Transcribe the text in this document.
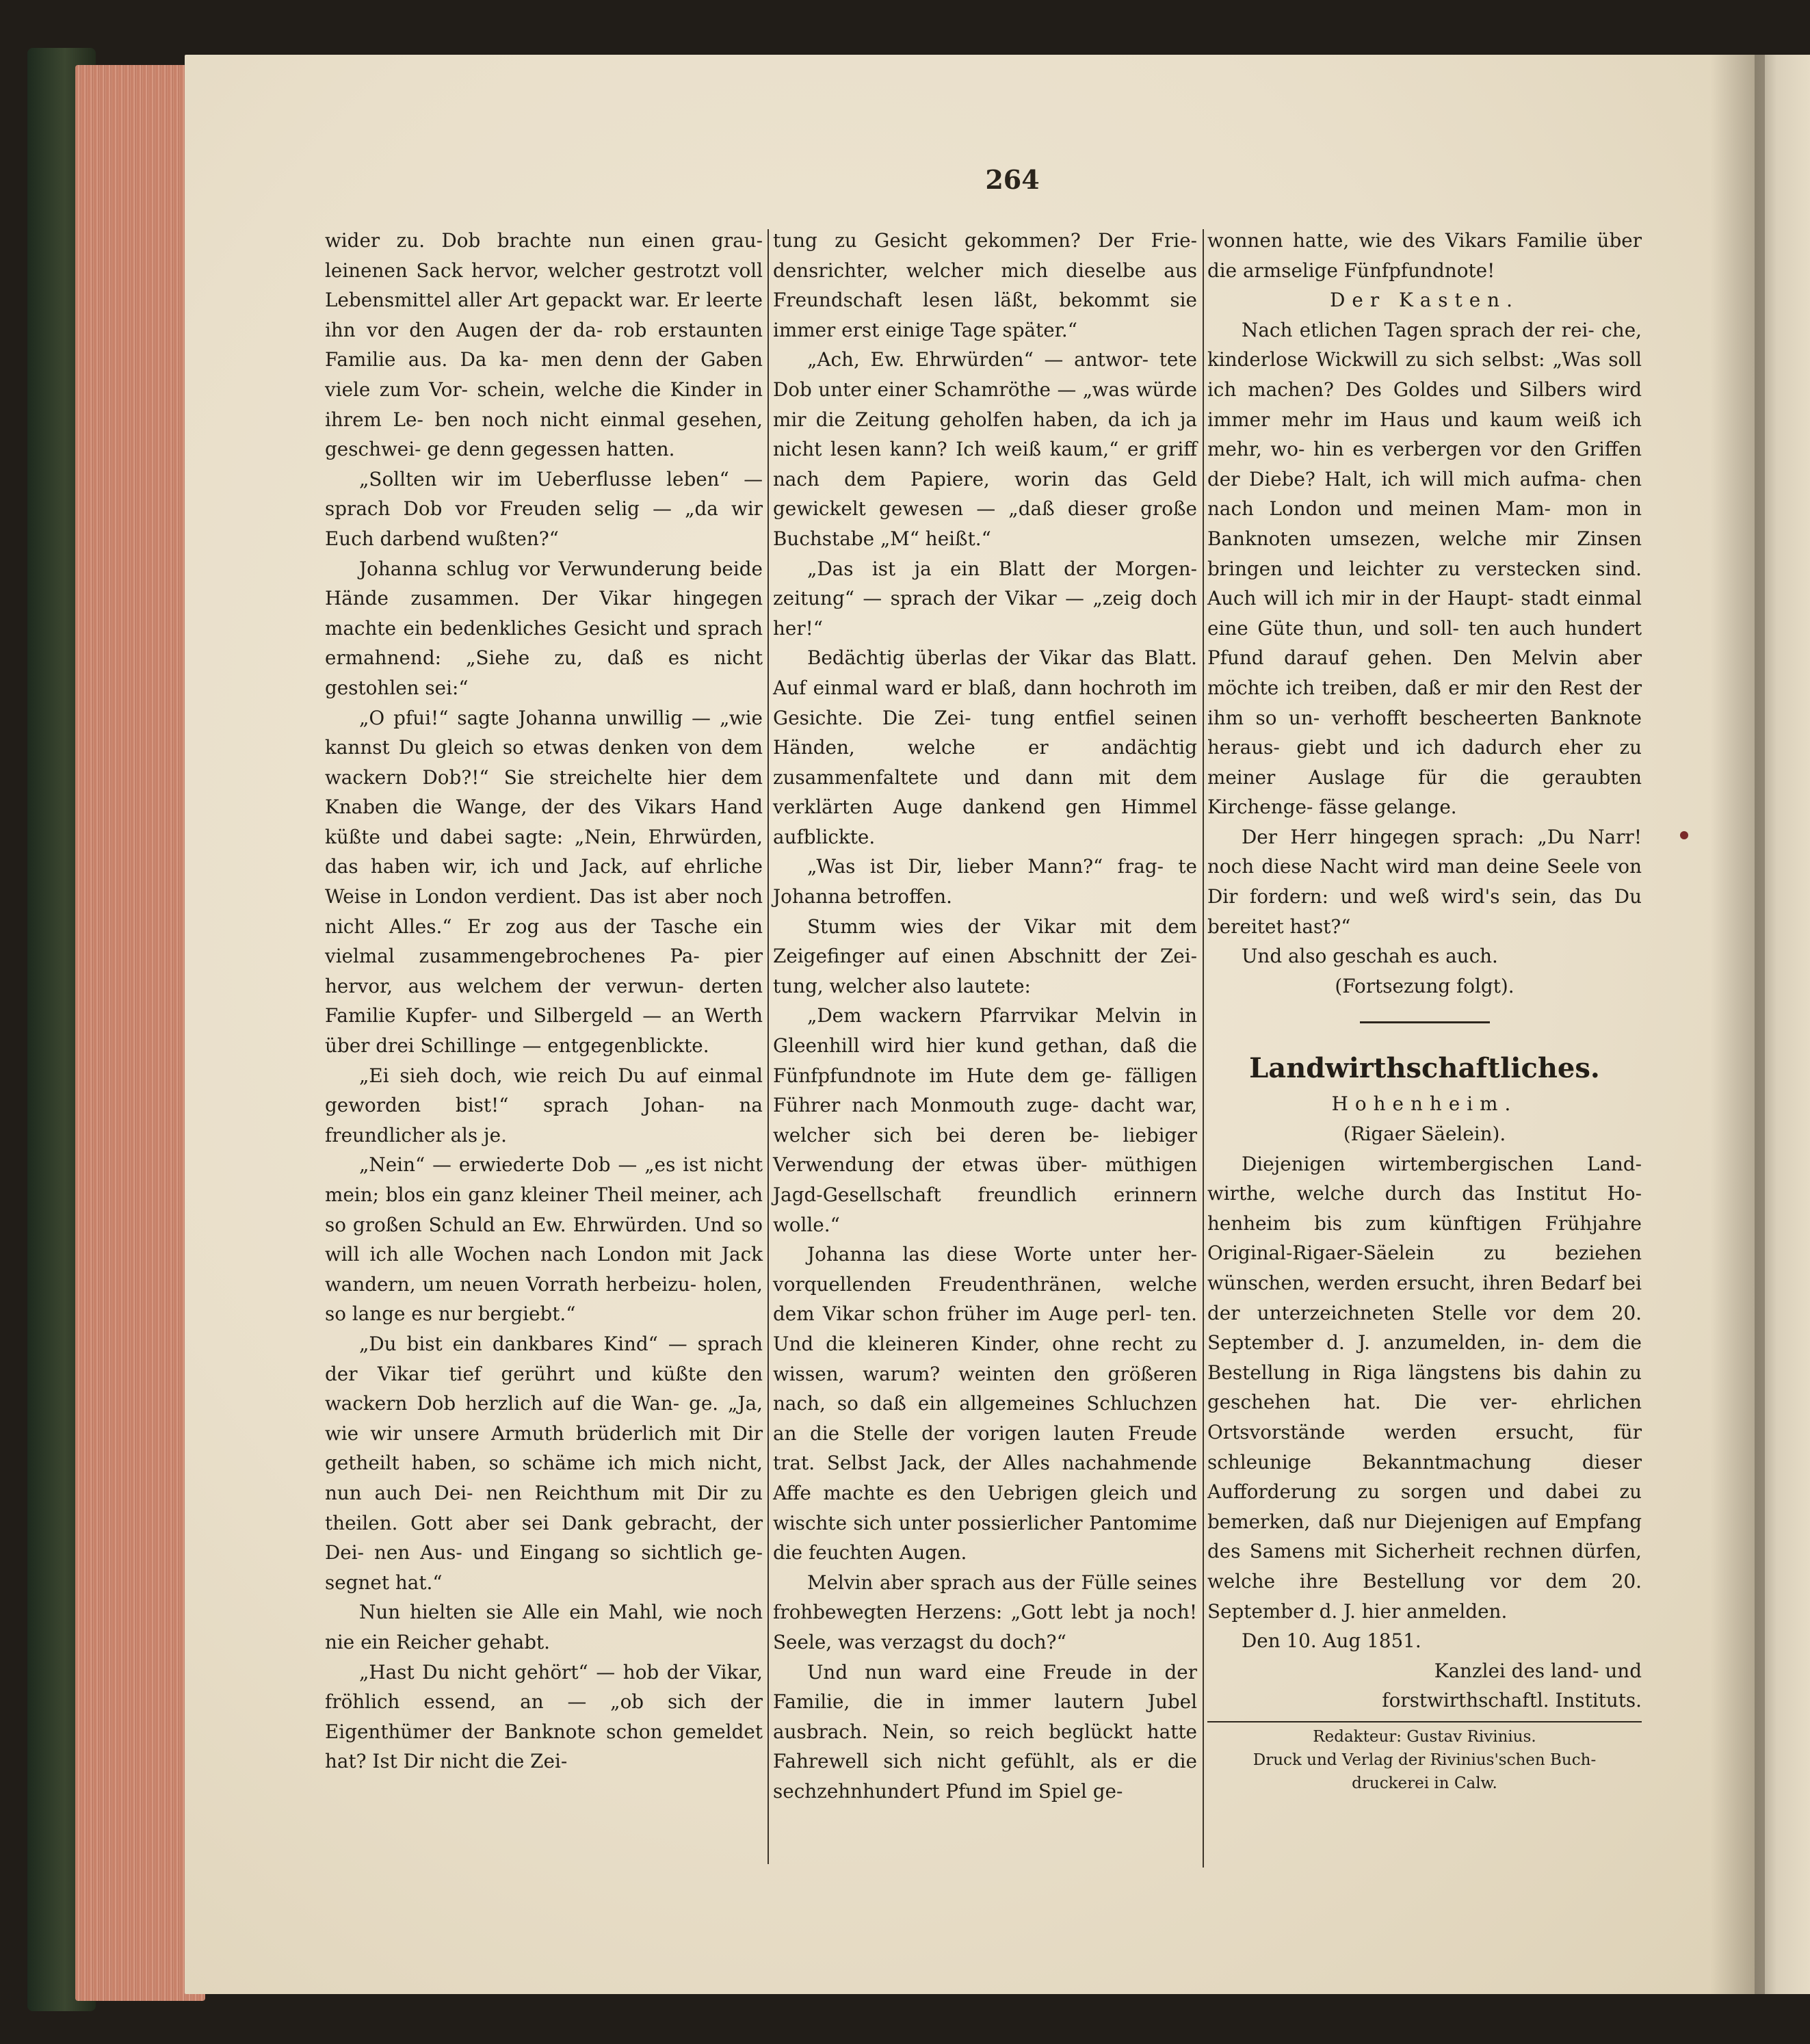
264

wider zu. Dob brachte nun einen grau- leinenen Sack hervor, welcher gestrotzt voll Lebensmittel aller Art gepackt war. Er leerte ihn vor den Augen der da- rob erstaunten Familie aus. Da ka- men denn der Gaben viele zum Vor- schein, welche die Kinder in ihrem Le- ben noch nicht einmal gesehen, geschwei- ge denn gegessen hatten.

„Sollten wir im Ueberflusse leben“ — sprach Dob vor Freuden selig — „da wir Euch darbend wußten?“

Johanna schlug vor Verwunderung beide Hände zusammen. Der Vikar hingegen machte ein bedenkliches Gesicht und sprach ermahnend: „Siehe zu, daß es nicht gestohlen sei:“

„O pfui!“ sagte Johanna unwillig — „wie kannst Du gleich so etwas denken von dem wackern Dob?!“ Sie streichelte hier dem Knaben die Wange, der des Vikars Hand küßte und dabei sagte: „Nein, Ehrwürden, das haben wir, ich und Jack, auf ehrliche Weise in London verdient. Das ist aber noch nicht Alles.“ Er zog aus der Tasche ein vielmal zusammengebrochenes Pa- pier hervor, aus welchem der verwun- derten Familie Kupfer- und Silbergeld — an Werth über drei Schillinge — entgegenblickte.

„Ei sieh doch, wie reich Du auf einmal geworden bist!“ sprach Johan- na freundlicher als je.

„Nein“ — erwiederte Dob — „es ist nicht mein; blos ein ganz kleiner Theil meiner, ach so großen Schuld an Ew. Ehrwürden. Und so will ich alle Wochen nach London mit Jack wandern, um neuen Vorrath herbeizu- holen, so lange es nur bergiebt.“

„Du bist ein dankbares Kind“ — sprach der Vikar tief gerührt und küßte den wackern Dob herzlich auf die Wan- ge. „Ja, wie wir unsere Armuth brüderlich mit Dir getheilt haben, so schäme ich mich nicht, nun auch Dei- nen Reichthum mit Dir zu theilen. Gott aber sei Dank gebracht, der Dei- nen Aus- und Eingang so sichtlich ge- segnet hat.“

Nun hielten sie Alle ein Mahl, wie noch nie ein Reicher gehabt.

„Hast Du nicht gehört“ — hob der Vikar, fröhlich essend, an — „ob sich der Eigenthümer der Banknote schon gemeldet hat? Ist Dir nicht die Zei-

tung zu Gesicht gekommen? Der Frie- densrichter, welcher mich dieselbe aus Freundschaft lesen läßt, bekommt sie immer erst einige Tage später.“

„Ach, Ew. Ehrwürden“ — antwor- tete Dob unter einer Schamröthe — „was würde mir die Zeitung geholfen haben, da ich ja nicht lesen kann? Ich weiß kaum,“ er griff nach dem Papiere, worin das Geld gewickelt gewesen — „daß dieser große Buchstabe „M“ heißt.“

„Das ist ja ein Blatt der Morgen- zeitung“ — sprach der Vikar — „zeig doch her!“

Bedächtig überlas der Vikar das Blatt. Auf einmal ward er blaß, dann hochroth im Gesichte. Die Zei- tung entfiel seinen Händen, welche er andächtig zusammenfaltete und dann mit dem verklärten Auge dankend gen Himmel aufblickte.

„Was ist Dir, lieber Mann?“ frag- te Johanna betroffen.

Stumm wies der Vikar mit dem Zeigefinger auf einen Abschnitt der Zei- tung, welcher also lautete:

„Dem wackern Pfarrvikar Melvin in Gleenhill wird hier kund gethan, daß die Fünfpfundnote im Hute dem ge- fälligen Führer nach Monmouth zuge- dacht war, welcher sich bei deren be- liebiger Verwendung der etwas über- müthigen Jagd-Gesellschaft freundlich erinnern wolle.“

Johanna las diese Worte unter her- vorquellenden Freudenthränen, welche dem Vikar schon früher im Auge perl- ten. Und die kleineren Kinder, ohne recht zu wissen, warum? weinten den größeren nach, so daß ein allgemeines Schluchzen an die Stelle der vorigen lauten Freude trat. Selbst Jack, der Alles nachahmende Affe machte es den Uebrigen gleich und wischte sich unter possierlicher Pantomime die feuchten Augen.

Melvin aber sprach aus der Fülle seines frohbewegten Herzens: „Gott lebt ja noch! Seele, was verzagst du doch?“

Und nun ward eine Freude in der Familie, die in immer lautern Jubel ausbrach. Nein, so reich beglückt hatte Fahrewell sich nicht gefühlt, als er die sechzehnhundert Pfund im Spiel ge-

wonnen hatte, wie des Vikars Familie über die armselige Fünfpfundnote!

Der Kasten.

Nach etlichen Tagen sprach der rei- che, kinderlose Wickwill zu sich selbst: „Was soll ich machen? Des Goldes und Silbers wird immer mehr im Haus und kaum weiß ich mehr, wo- hin es verbergen vor den Griffen der Diebe? Halt, ich will mich aufma- chen nach London und meinen Mam- mon in Banknoten umsezen, welche mir Zinsen bringen und leichter zu verstecken sind. Auch will ich mir in der Haupt- stadt einmal eine Güte thun, und soll- ten auch hundert Pfund darauf gehen. Den Melvin aber möchte ich treiben, daß er mir den Rest der ihm so un- verhofft bescheerten Banknote heraus- giebt und ich dadurch eher zu meiner Auslage für die geraubten Kirchenge- fässe gelange.

Der Herr hingegen sprach: „Du Narr! noch diese Nacht wird man deine Seele von Dir fordern: und weß wird's sein, das Du bereitet hast?“

Und also geschah es auch.

(Fortsezung folgt).

Landwirthschaftliches.

Hohenheim.

(Rigaer Säelein).

Diejenigen wirtembergischen Land- wirthe, welche durch das Institut Ho- henheim bis zum künftigen Frühjahre Original-Rigaer-Säelein zu beziehen wünschen, werden ersucht, ihren Bedarf bei der unterzeichneten Stelle vor dem 20. September d. J. anzumelden, in- dem die Bestellung in Riga längstens bis dahin zu geschehen hat. Die ver- ehrlichen Ortsvorstände werden ersucht, für schleunige Bekanntmachung dieser Aufforderung zu sorgen und dabei zu bemerken, daß nur Diejenigen auf Empfang des Samens mit Sicherheit rechnen dürfen, welche ihre Bestellung vor dem 20. September d. J. hier anmelden.

Den 10. Aug 1851.

Kanzlei des land- und

forstwirthschaftl. Instituts.

Redakteur: Gustav Rivinius.

Druck und Verlag der Rivinius'schen Buch-

druckerei in Calw.
